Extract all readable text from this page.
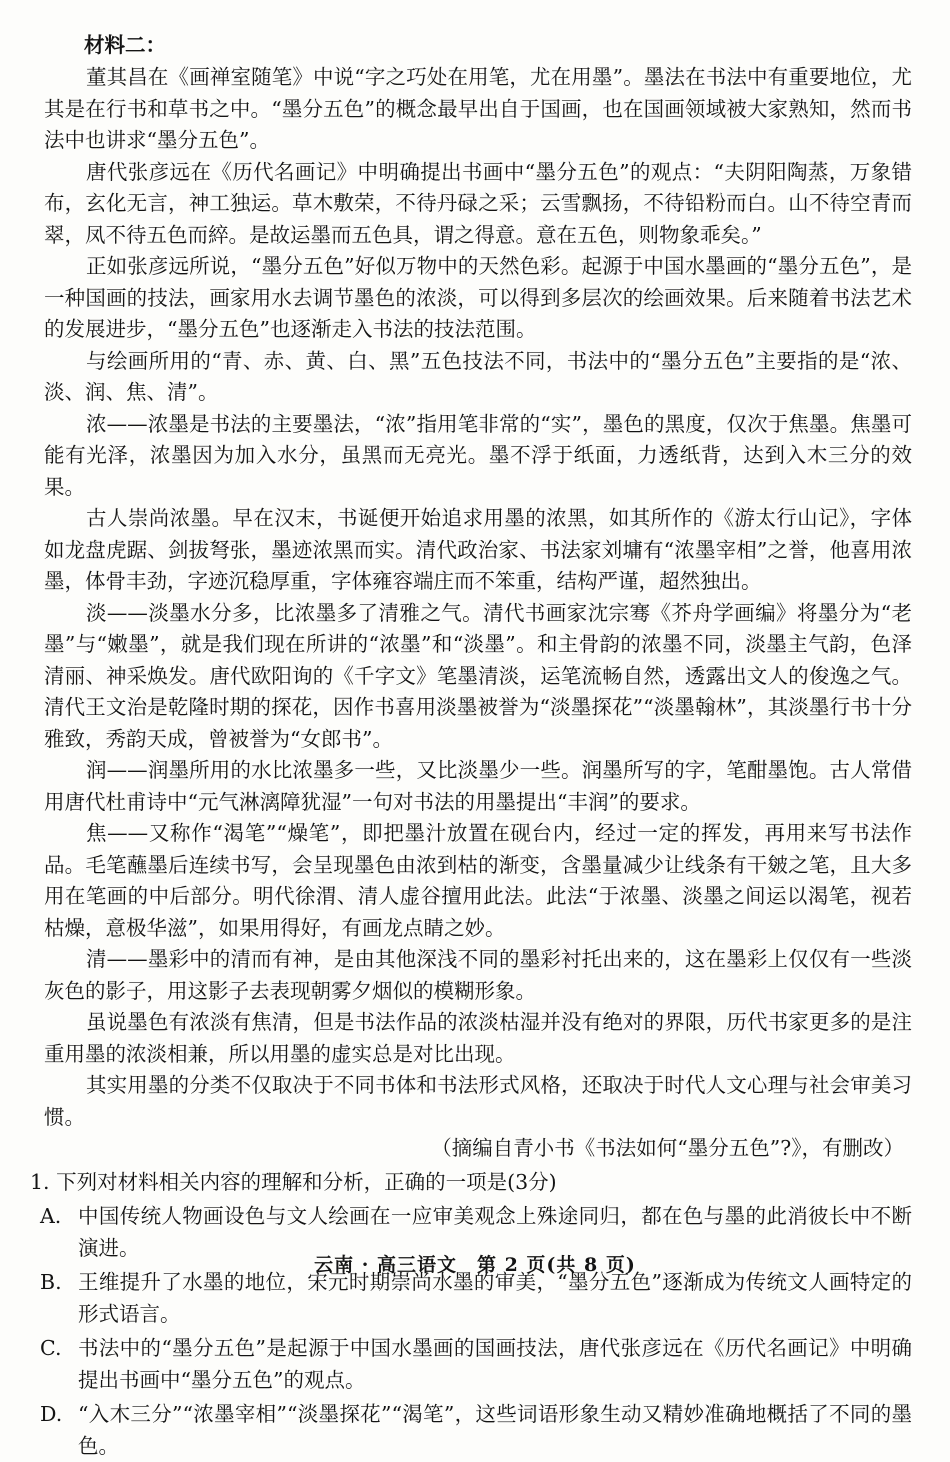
材料二：

董其昌在《画禅室随笔》中说“字之巧处在用笔，尤在用墨”。墨法在书法中有重要地位，尤其是在行书和草书之中。“墨分五色”的概念最早出自于国画，也在国画领域被大家熟知，然而书法中也讲求“墨分五色”。

唐代张彦远在《历代名画记》中明确提出书画中“墨分五色”的观点：“夫阴阳陶蒸，万象错布，玄化无言，神工独运。草木敷荣，不待丹碌之采；云雪飘扬，不待铅粉而白。山不待空青而翠，凤不待五色而綷。是故运墨而五色具，谓之得意。意在五色，则物象乖矣。”

正如张彦远所说，“墨分五色”好似万物中的天然色彩。起源于中国水墨画的“墨分五色”，是一种国画的技法，画家用水去调节墨色的浓淡，可以得到多层次的绘画效果。后来随着书法艺术的发展进步，“墨分五色”也逐渐走入书法的技法范围。

与绘画所用的“青、赤、黄、白、黑”五色技法不同，书法中的“墨分五色”主要指的是“浓、淡、润、焦、清”。

浓——浓墨是书法的主要墨法，“浓”指用笔非常的“实”，墨色的黑度，仅次于焦墨。焦墨可能有光泽，浓墨因为加入水分，虽黑而无亮光。墨不浮于纸面，力透纸背，达到入木三分的效果。

古人崇尚浓墨。早在汉末，书诞便开始追求用墨的浓黑，如其所作的《游太行山记》，字体如龙盘虎踞、剑拔弩张，墨迹浓黑而实。清代政治家、书法家刘墉有“浓墨宰相”之誉，他喜用浓墨，体骨丰劲，字迹沉稳厚重，字体雍容端庄而不笨重，结构严谨，超然独出。

淡——淡墨水分多，比浓墨多了清雅之气。清代书画家沈宗骞《芥舟学画编》将墨分为“老墨”与“嫩墨”，就是我们现在所讲的“浓墨”和“淡墨”。和主骨韵的浓墨不同，淡墨主气韵，色泽清丽、神采焕发。唐代欧阳询的《千字文》笔墨清淡，运笔流畅自然，透露出文人的俊逸之气。清代王文治是乾隆时期的探花，因作书喜用淡墨被誉为“淡墨探花”“淡墨翰林”，其淡墨行书十分雅致，秀韵天成，曾被誉为“女郎书”。

润——润墨所用的水比浓墨多一些，又比淡墨少一些。润墨所写的字，笔酣墨饱。古人常借用唐代杜甫诗中“元气淋漓障犹湿”一句对书法的用墨提出“丰润”的要求。

焦——又称作“渴笔”“燥笔”，即把墨汁放置在砚台内，经过一定的挥发，再用来写书法作品。毛笔蘸墨后连续书写，会呈现墨色由浓到枯的渐变，含墨量减少让线条有干皴之笔，且大多用在笔画的中后部分。明代徐渭、清人虚谷擅用此法。此法“于浓墨、淡墨之间运以渴笔，视若枯燥，意极华滋”，如果用得好，有画龙点睛之妙。

清——墨彩中的清而有神，是由其他深浅不同的墨彩衬托出来的，这在墨彩上仅仅有一些淡灰色的影子，用这影子去表现朝雾夕烟似的模糊形象。

虽说墨色有浓淡有焦清，但是书法作品的浓淡枯湿并没有绝对的界限，历代书家更多的是注重用墨的浓淡相兼，所以用墨的虚实总是对比出现。

其实用墨的分类不仅取决于不同书体和书法形式风格，还取决于时代人文心理与社会审美习惯。

（摘编自青小书《书法如何“墨分五色”?》，有删改）

1. 下列对材料相关内容的理解和分析，正确的一项是(3分)
A. 中国传统人物画设色与文人绘画在一应审美观念上殊途同归，都在色与墨的此消彼长中不断演进。
B. 王维提升了水墨的地位，宋元时期崇尚水墨的审美，“墨分五色”逐渐成为传统文人画特定的形式语言。
C. 书法中的“墨分五色”是起源于中国水墨画的国画技法，唐代张彦远在《历代名画记》中明确提出书画中“墨分五色”的观点。
D. “入木三分”“浓墨宰相”“淡墨探花”“渴笔”，这些词语形象生动又精妙准确地概括了不同的墨色。
云南 · 高三语文　第 2 页(共 8 页)
